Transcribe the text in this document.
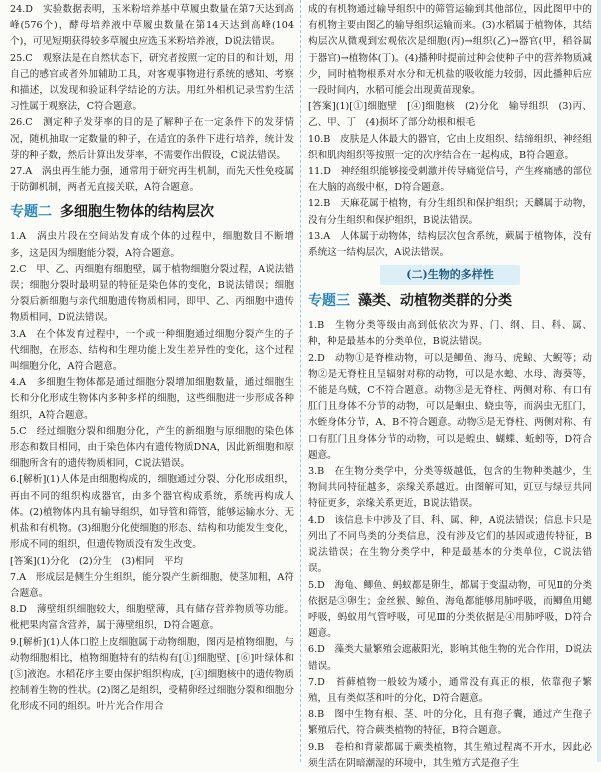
24.D　实验数据表明，玉米粉培养基中草履虫数量在第7天达到高峰(576个)，酵母培养液中草履虫数量在第14天达到高峰(104个)，可见短期获得较多草履虫应选玉米粉培养液，D说法错误。

25.C　观察法是在自然状态下，研究者按照一定的目的和计划，用自己的感官或者外加辅助工具，对客观事物进行系统的感知、考察和描述，以发现和验证科学结论的方法。用红外相机记录雪豹生活习性属于观察法，C符合题意。

26.C　测定种子发芽率的目的是了解种子在一定条件下的发芽情况，随机抽取一定数量的种子，在适宜的条件下进行培养，统计发芽的种子数，然后计算出发芽率，不需要作出假设，C说法错误。

27.A　涡虫再生能力强，通常用于研究再生机制，而先天性免疫属于防御机制，两者无直接关联，A符合题意。

专题二 多细胞生物体的结构层次

1.A　涡虫片段在空间站发育成个体的过程中，细胞数目不断增多，这是因为细胞能分裂，A符合题意。

2.C　甲、乙、丙细胞有细胞壁，属于植物细胞分裂过程，A说法错误；细胞分裂时最明显的特征是染色体的变化，B说法错误；细胞分裂后新细胞与亲代细胞遗传物质相同，即甲、乙、丙细胞中遗传物质相同，D说法错误。

3.A　在个体发育过程中，一个或一种细胞通过细胞分裂产生的子代细胞，在形态、结构和生理功能上发生差异性的变化，这个过程叫细胞分化，A符合题意。

4.A　多细胞生物体都是通过细胞分裂增加细胞数量，通过细胞生长和分化形成生物体内多种多样的细胞，这些细胞进一步形成各种组织，A符合题意。

5.C　经过细胞分裂和细胞分化，产生的新细胞与原细胞的染色体形态和数目相同，由于染色体内有遗传物质DNA，因此新细胞和原细胞所含有的遗传物质相同，C说法错误。

6.[解析](1)人体是由细胞构成的，细胞通过分裂、分化形成组织，再由不同的组织构成器官，由多个器官构成系统，系统再构成人体。(2)植物体内具有输导组织，如导管和筛管，能够运输水分、无机盐和有机物。(3)细胞分化使细胞的形态、结构和功能发生变化，形成不同的组织，但遗传物质没有发生改变。

[答案](1)分化　(2)分生　(3)相同　平均

7.A　形成层是侧生分生组织，能分裂产生新细胞，使茎加粗，A符合题意。

8.D　薄壁组织细胞较大，细胞壁薄，具有储存营养物质等功能。枇杷果肉富含营养，属于薄壁组织，D符合题意。

9.[解析](1)人体口腔上皮细胞属于动物细胞，图丙是植物细胞，与动物细胞相比，植物细胞特有的结构有[①]细胞壁、[⑥]叶绿体和[⑤]液泡。水稻花序主要由保护组织构成，[④]细胞核中的遗传物质控制着生物的性状。(2)图乙是组织，受精卵经过细胞分裂和细胞分化形成不同的组织。叶片光合作用合

成的有机物通过输导组织中的筛管运输到其他部位，因此图甲中的有机物主要由图乙的输导组织运输而来。(3)水稻属于植物体，其结构层次从微观到宏观依次是细胞(丙)→组织(乙)→器官(甲，稻谷属于器官)→植物体(丁)。(4)播种时提前过种会使种子中的营养物质减少，同时植物根系对水分和无机盐的吸收能力较弱，因此播种后应一段时间内，水稻可能会出现黄苗现象。

[答案](1)[①]细胞壁　[④]细胞核　(2)分化　输导组织　(3)丙、乙、甲、丁　(4)损坏了部分幼根和根毛

10.B　皮肤是人体最大的器官，它由上皮组织、结缔组织、神经组织和肌肉组织等按照一定的次序结合在一起构成，B符合题意。

11.D　神经组织能够接受刺激并传导痛觉信号，产生疼痛感的部位在大脑的高级中枢，D符合题意。

12.B　天麻花属于植物，有分生组织和保护组织；天麟属于动物，没有分生组织和保护组织，B说法错误。

13.A　人体属于动物体，结构层次包含系统，蕨属于植物体，没有系统这一结构层次，A说法错误。

(二)生物的多样性
专题三 藻类、动植物类群的分类

1.B　生物分类等级由高到低依次为界、门、纲、目、科、属、种，种是最基本的分类单位，B说法错误。

2.D　动物①是脊椎动物，可以是鲫鱼、海马、虎鲸、大鲵等；动物②是无脊柱且呈辐射对称的动物，可以是水螅、水母、海葵等，不能是乌贼，C不符合题意。动物③是无脊柱、两侧对称、有口有肛门且身体不分节的动物，可以是蛔虫、蛲虫等，而涡虫无肛门，水蛭身体分节，A、B不符合题意。动物⑤是无脊柱、两侧对称、有口有肛门且身体分节的动物，可以是蝗虫、蝴蝶、蚯蚓等，D符合题意。

3.B　在生物分类学中，分类等级越低，包含的生物种类越少，生物间共同特征越多，亲缘关系越近。由图解可知，豇豆与绿豆共同特征更多，亲缘关系更近，B说法错误。

4.D　该信息卡中涉及了目、科、属、种，A说法错误；信息卡只是列出了不同鸟类的分类信息，没有涉及它们的基因或遗传特征，B说法错误；在生物分类学中，种是最基本的分类单位，C说法错误。

5.D　海龟、鲫鱼、蚂蚁都是卵生，都属于变温动物，可见Ⅱ的分类依据是③卵生；金丝猴、鲸鱼、海龟都能够用肺呼吸，而鲫鱼用鳃呼吸，蚂蚁用气管呼吸，可见Ⅲ的分类依据是④用肺呼吸，D符合题意。

6.D　藻类大量繁殖会遮蔽阳光，影响其他生物的光合作用，D说法错误。

7.D　苔藓植物一般较为矮小，通常没有真正的根，依靠孢子繁殖，且有类似茎和叶的分化，D符合题意。

8.B　图中生物有根、茎、叶的分化，且有孢子囊，通过产生孢子繁殖后代，符合蕨类植物的特征，B符合题意。

9.B　卷柏和背蒙都属于蕨类植物，其生殖过程离不开水，因此必须生活在阴暗潮湿的环境中，其生殖方式是孢子生
